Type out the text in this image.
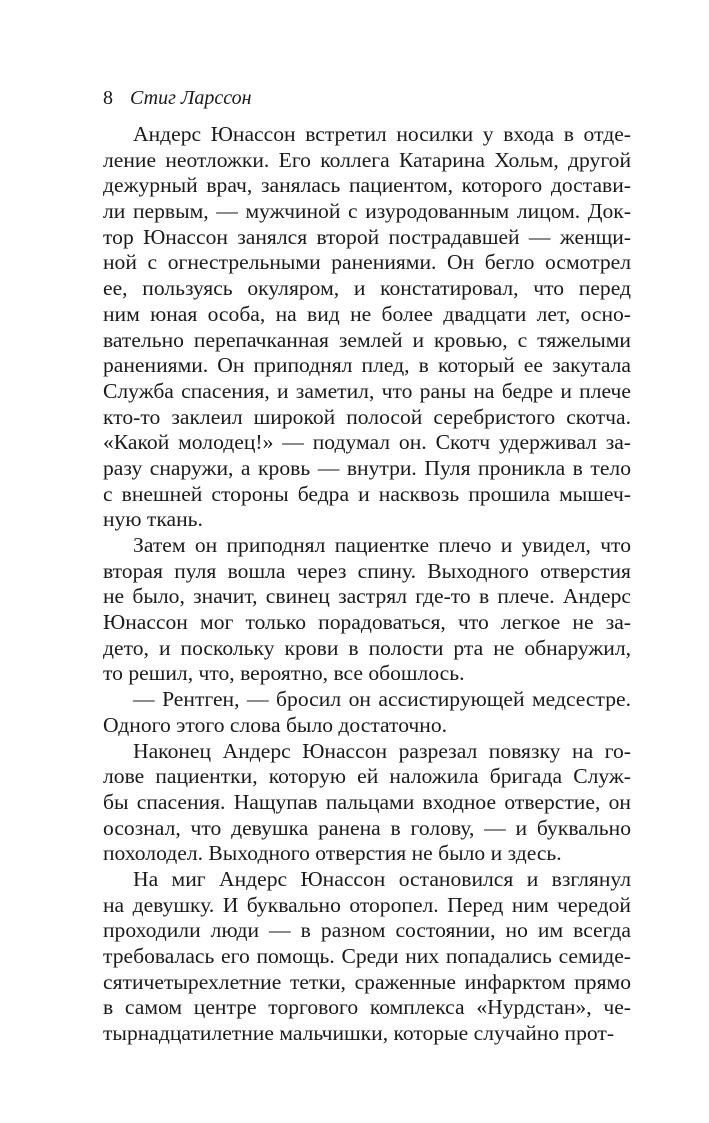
8 Стиг Ларссон
Андерс Юнассон встретил носилки у входа в отде-
ление неотложки. Его коллега Катарина Хольм, другой
дежурный врач, занялась пациентом, которого достави-
ли первым, — мужчиной с изуродованным лицом. Док-
тор Юнассон занялся второй пострадавшей — женщи-
ной с огнестрельными ранениями. Он бегло осмотрел
ее, пользуясь окуляром, и констатировал, что перед
ним юная особа, на вид не более двадцати лет, осно-
вательно перепачканная землей и кровью, с тяжелыми
ранениями. Он приподнял плед, в который ее закутала
Служба спасения, и заметил, что раны на бедре и плече
кто-то заклеил широкой полосой серебристого скотча.
«Какой молодец!» — подумал он. Скотч удерживал за-
разу снаружи, а кровь — внутри. Пуля проникла в тело
с внешней стороны бедра и насквозь прошила мышеч-
ную ткань.
Затем он приподнял пациентке плечо и увидел, что
вторая пуля вошла через спину. Выходного отверстия
не было, значит, свинец застрял где-то в плече. Андерс
Юнассон мог только порадоваться, что легкое не за-
дето, и поскольку крови в полости рта не обнаружил,
то решил, что, вероятно, все обошлось.
— Рентген, — бросил он ассистирующей медсестре.
Одного этого слова было достаточно.
Наконец Андерс Юнассон разрезал повязку на го-
лове пациентки, которую ей наложила бригада Служ-
бы спасения. Нащупав пальцами входное отверстие, он
осознал, что девушка ранена в голову, — и буквально
похолодел. Выходного отверстия не было и здесь.
На миг Андерс Юнассон остановился и взглянул
на девушку. И буквально оторопел. Перед ним чередой
проходили люди — в разном состоянии, но им всегда
требовалась его помощь. Среди них попадались семиде-
сятичетырехлетние тетки, сраженные инфарктом прямо
в самом центре торгового комплекса «Нурдстан», че-
тырнадцатилетние мальчишки, которые случайно прот-
